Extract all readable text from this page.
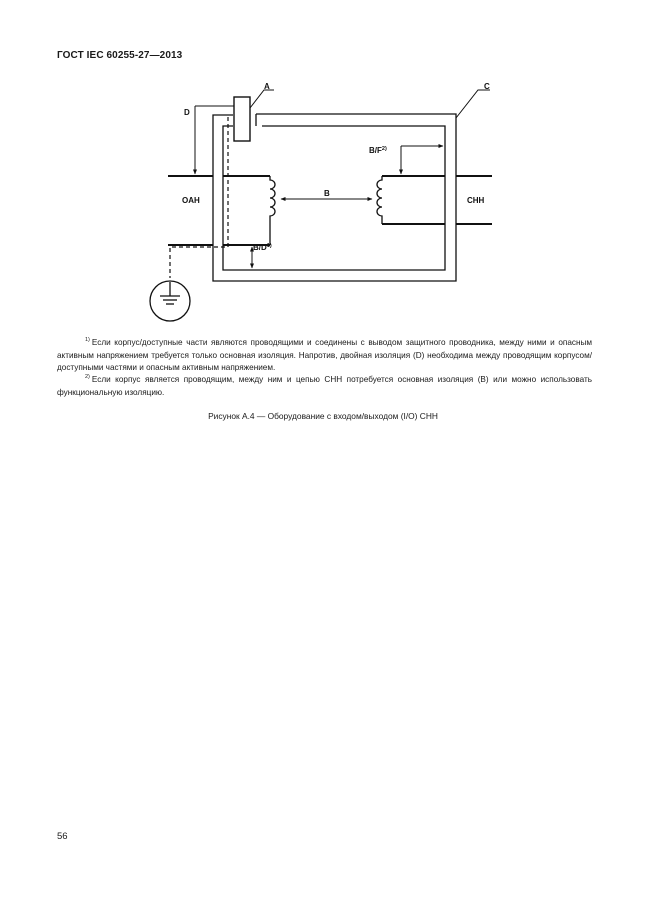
ГОСТ IEC 60255-27—2013
A	C
D
B
OAH	CHH
$B/F^{2)}$
$B/D^{1)}$
$^{1)}$ Если корпус/доступные части являются проводящими и соединены с выводом защитного проводника, между ними и опасным активным напряжением требуется только основная изоляция. Напротив, двойная изоляция (D) необходима между проводящим корпусом/доступными частями и опасным активным напряжением.
$^{2)}$ Если корпус является проводящим, между ним и цепью СНН потребуется основная изоляция (В) или можно использовать функциональную изоляцию.
Рисунок А.4 — Оборудование с входом/выходом (I/O) СНН
56
